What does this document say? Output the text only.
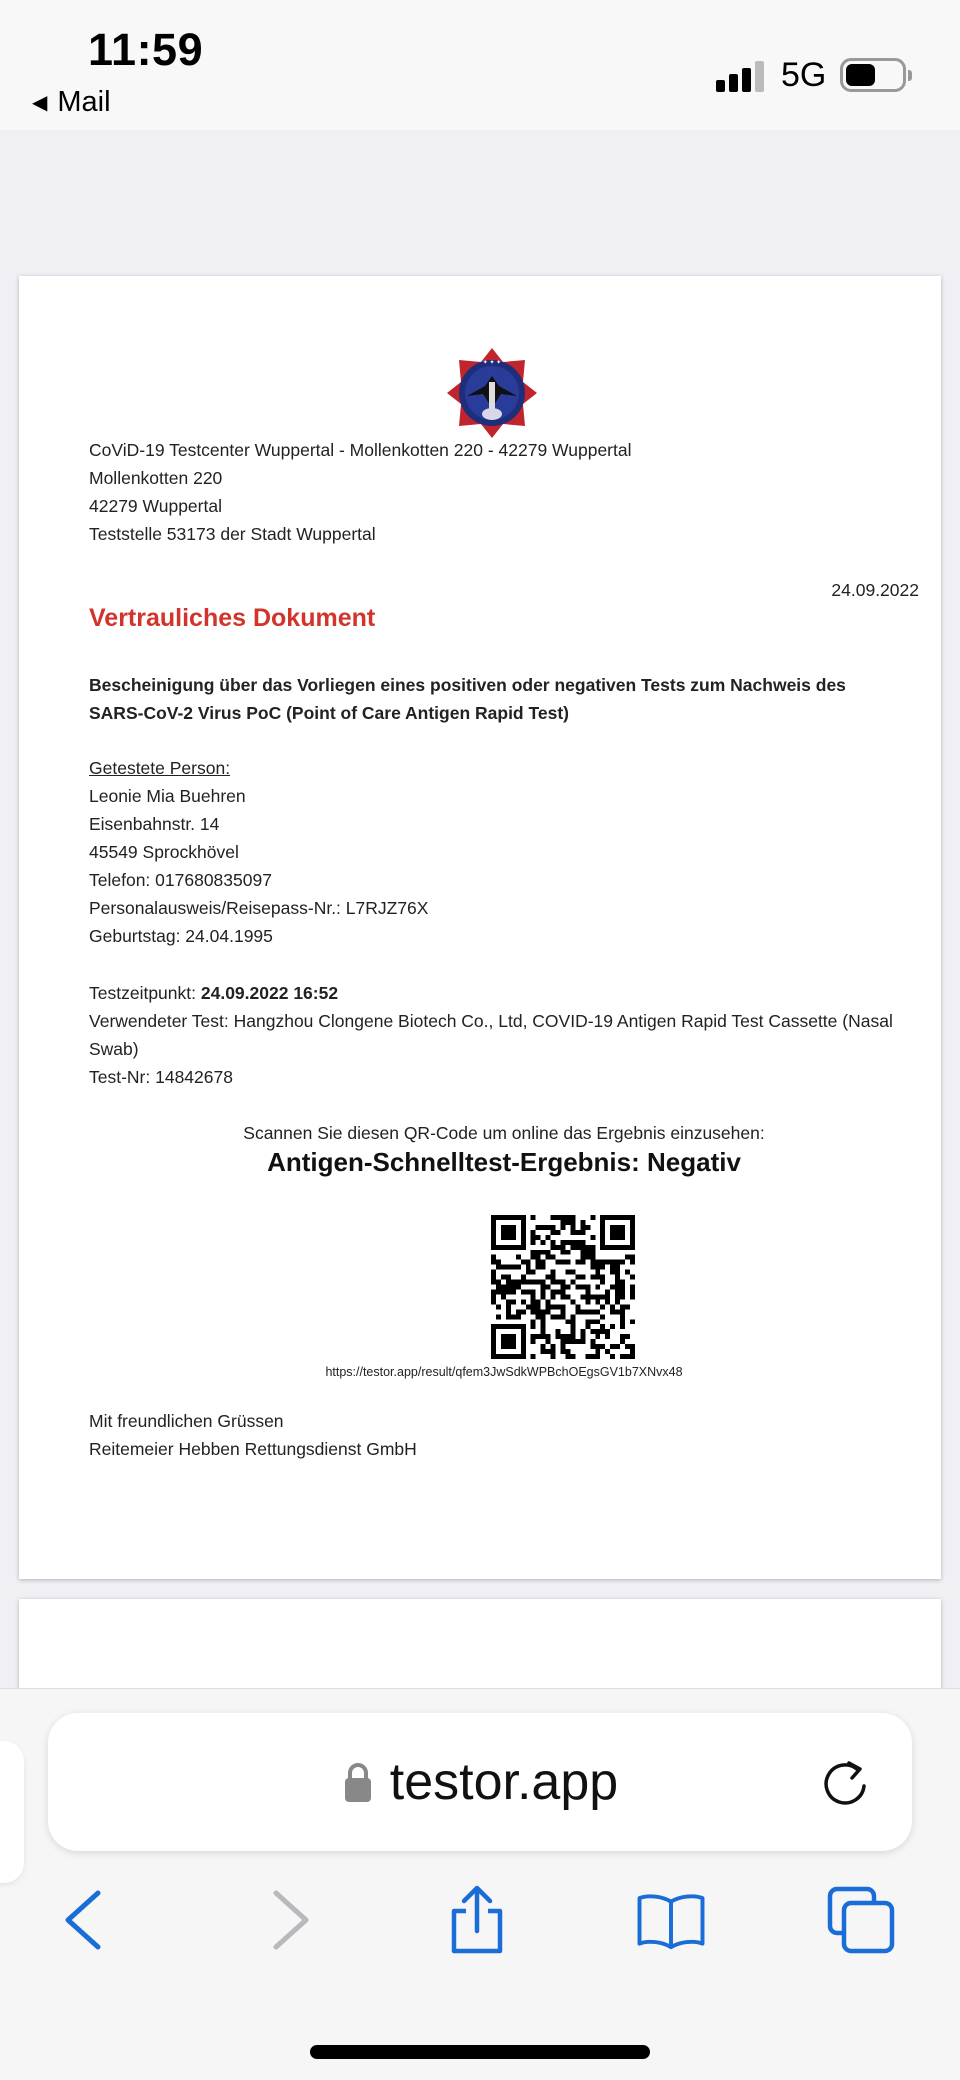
11:59
◀ Mail
5G
✦ ✦ ✦
CoViD-19 Testcenter Wuppertal - Mollenkotten 220 - 42279 Wuppertal
Mollenkotten 220
42279 Wuppertal
Teststelle 53173 der Stadt Wuppertal
24.09.2022
Vertrauliches Dokument
Bescheinigung über das Vorliegen eines positiven oder negativen Tests zum Nachweis des SARS-CoV-2 Virus PoC (Point of Care Antigen Rapid Test)
Getestete Person:
Leonie Mia Buehren
Eisenbahnstr. 14
45549 Sprockhövel
Telefon: 017680835097
Personalausweis/Reisepass-Nr.: L7RJZ76X
Geburtstag: 24.04.1995
Testzeitpunkt: 24.09.2022 16:52
Verwendeter Test: Hangzhou Clongene Biotech Co., Ltd, COVID-19 Antigen Rapid Test Cassette (Nasal Swab)
Test-Nr: 14842678
Scannen Sie diesen QR-Code um online das Ergebnis einzusehen:
Antigen-Schnelltest-Ergebnis: Negativ
https://testor.app/result/qfem3JwSdkWPBchOEgsGV1b7XNvx48
Mit freundlichen Grüssen
Reitemeier Hebben Rettungsdienst GmbH
testor.app
